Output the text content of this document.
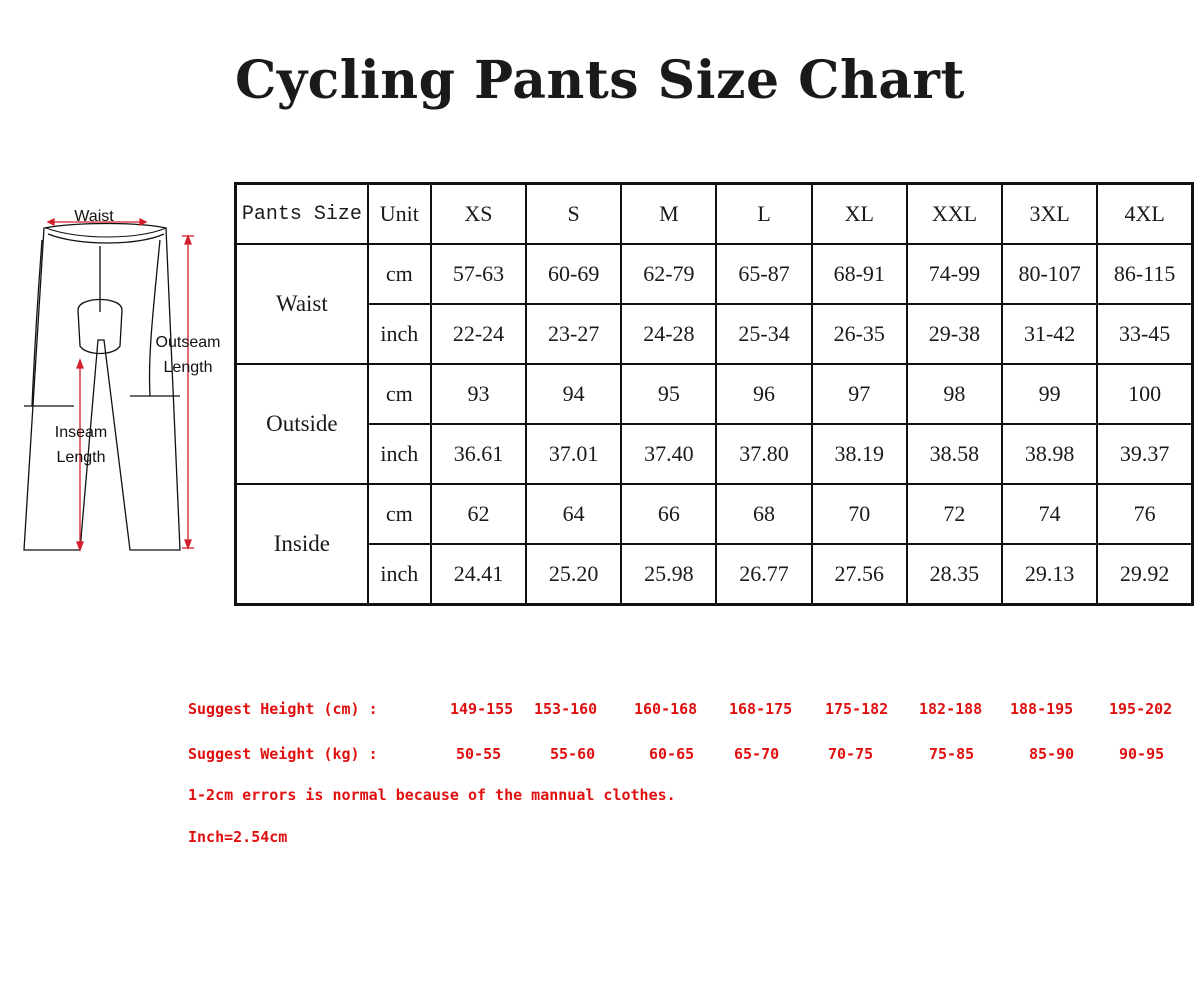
Cycling Pants Size Chart
Waist
Outseam
Length
Inseam
Length
Pants Size	Unit	XS	S	M	L	XL	XXL	3XL	4XL
Waist	cm	57-63	60-69	62-79	65-87	68-91	74-99	80-107	86-115
	inch	22-24	23-27	24-28	25-34	26-35	29-38	31-42	33-45
Outside	cm	93	94	95	96	97	98	99	100
	inch	36.61	37.01	37.40	37.80	38.19	38.58	38.98	39.37
Inside	cm	62	64	66	68	70	72	74	76
	inch	24.41	25.20	25.98	26.77	27.56	28.35	29.13	29.92
Suggest Height (cm) :	149-155 153-160 160-168 168-175 175-182 182-188 188-195 195-202
Suggest Weight (kg) :	50-55	55-60	60-65	65-70	70-75	75-85	85-90	90-95
1-2cm errors is normal because of the mannual clothes.
Inch=2.54cm
